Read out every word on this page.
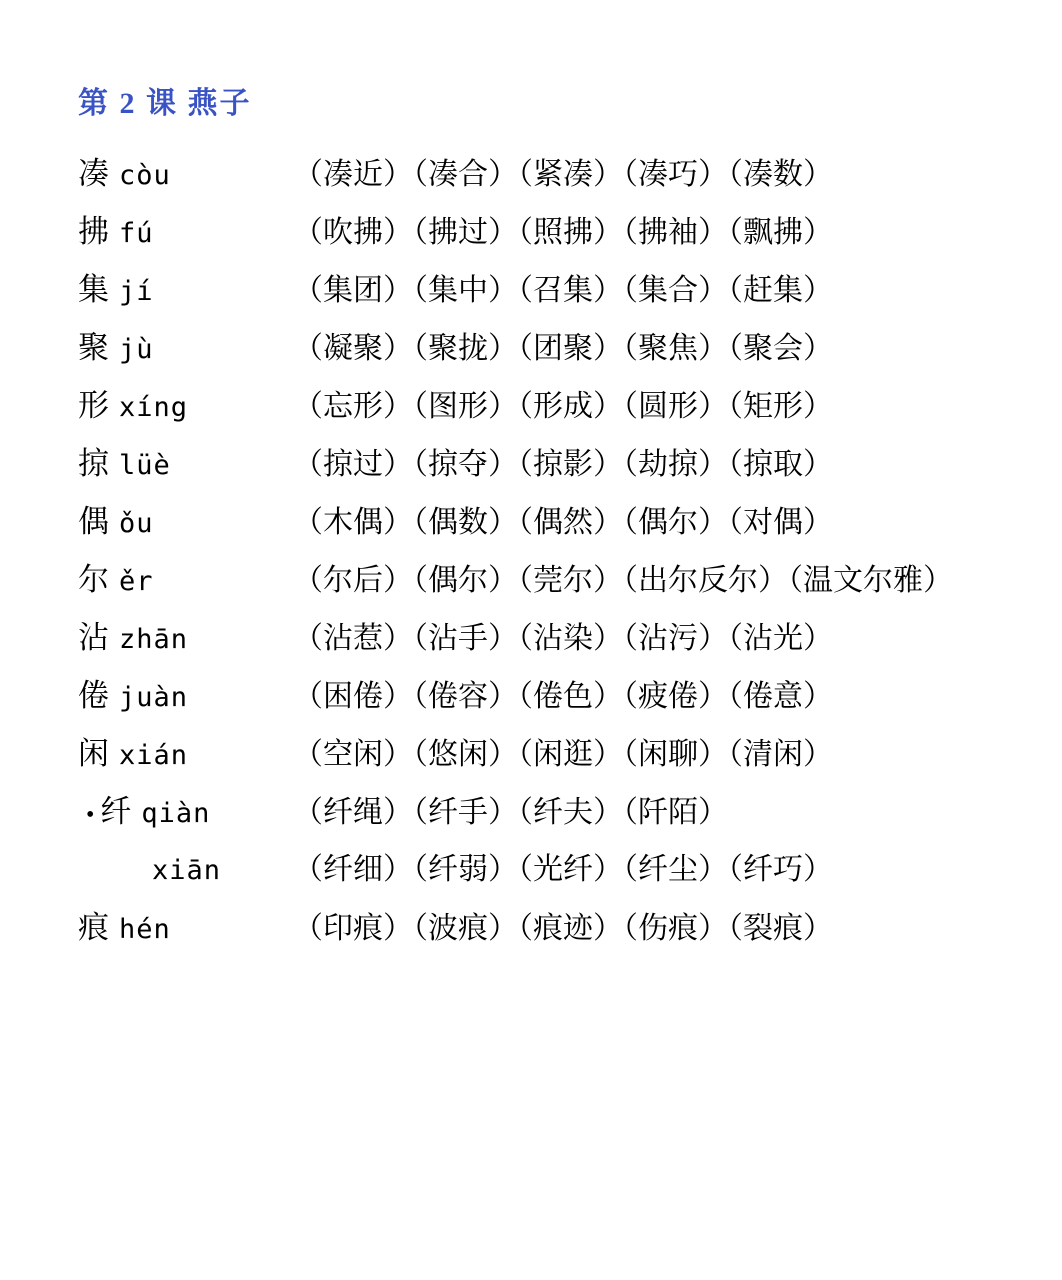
第 2 课 燕子
凑 còu	（凑近）（凑合）（紧凑）（凑巧）（凑数）
拂 fú	（吹拂）（拂过）（照拂）（拂袖）（飘拂）
集 jí	（集团）（集中）（召集）（集合）（赶集）
聚 jù	（凝聚）（聚拢）（团聚）（聚焦）（聚会）
形 xíng	（忘形）（图形）（形成）（圆形）（矩形）
掠 lüè	（掠过）（掠夺）（掠影）（劫掠）（掠取）
偶 ǒu	（木偶）（偶数）（偶然）（偶尔）（对偶）
尔 ěr	（尔后）（偶尔）（莞尔）（出尔反尔）（温文尔雅）
沾 zhān	（沾惹）（沾手）（沾染）（沾污）（沾光）
倦 juàn	（困倦）（倦容）（倦色）（疲倦）（倦意）
闲 xián	（空闲）（悠闲）（闲逛）（闲聊）（清闲）
• 纤 qiàn	（纤绳）（纤手）（纤夫）（阡陌）
xiān	（纤细）（纤弱）（光纤）（纤尘）（纤巧）
痕 hén	（印痕）（波痕）（痕迹）（伤痕）（裂痕）
